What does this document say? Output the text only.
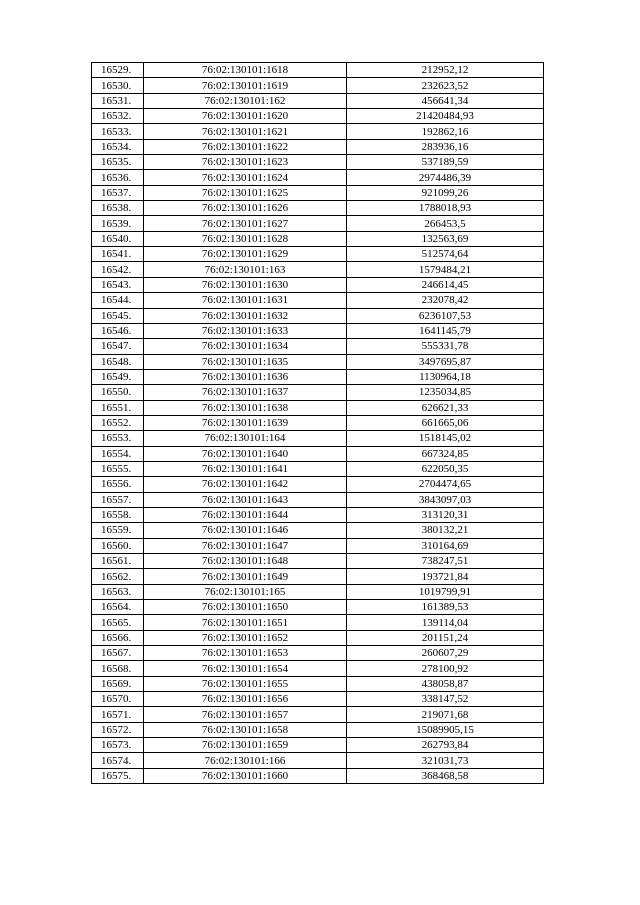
16529.	76:02:130101:1618	212952,12
16530.	76:02:130101:1619	232623,52
16531.	76:02:130101:162	456641,34
16532.	76:02:130101:1620	21420484,93
16533.	76:02:130101:1621	192862,16
16534.	76:02:130101:1622	283936,16
16535.	76:02:130101:1623	537189,59
16536.	76:02:130101:1624	2974486,39
16537.	76:02:130101:1625	921099,26
16538.	76:02:130101:1626	1788018,93
16539.	76:02:130101:1627	266453,5
16540.	76:02:130101:1628	132563,69
16541.	76:02:130101:1629	512574,64
16542.	76:02:130101:163	1579484,21
16543.	76:02:130101:1630	246614,45
16544.	76:02:130101:1631	232078,42
16545.	76:02:130101:1632	6236107,53
16546.	76:02:130101:1633	1641145,79
16547.	76:02:130101:1634	555331,78
16548.	76:02:130101:1635	3497695,87
16549.	76:02:130101:1636	1130964,18
16550.	76:02:130101:1637	1235034,85
16551.	76:02:130101:1638	626621,33
16552.	76:02:130101:1639	661665,06
16553.	76:02:130101:164	1518145,02
16554.	76:02:130101:1640	667324,85
16555.	76:02:130101:1641	622050,35
16556.	76:02:130101:1642	2704474,65
16557.	76:02:130101:1643	3843097,03
16558.	76:02:130101:1644	313120,31
16559.	76:02:130101:1646	380132,21
16560.	76:02:130101:1647	310164,69
16561.	76:02:130101:1648	738247,51
16562.	76:02:130101:1649	193721,84
16563.	76:02:130101:165	1019799,91
16564.	76:02:130101:1650	161389,53
16565.	76:02:130101:1651	139114,04
16566.	76:02:130101:1652	201151,24
16567.	76:02:130101:1653	260607,29
16568.	76:02:130101:1654	278100,92
16569.	76:02:130101:1655	438058,87
16570.	76:02:130101:1656	338147,52
16571.	76:02:130101:1657	219071,68
16572.	76:02:130101:1658	15089905,15
16573.	76:02:130101:1659	262793,84
16574.	76:02:130101:166	321031,73
16575.	76:02:130101:1660	368468,58
